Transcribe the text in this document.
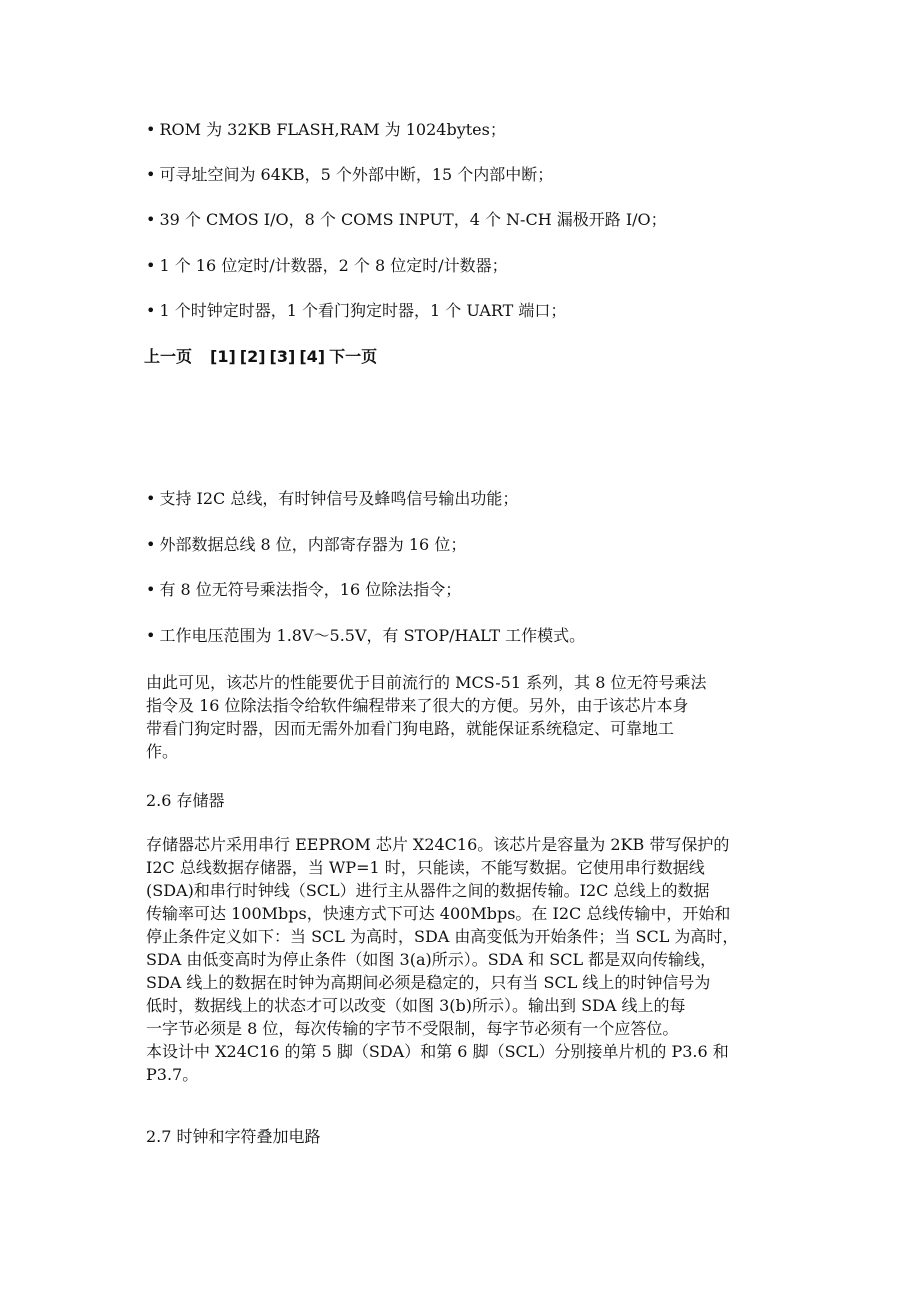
• ROM 为 32KB FLASH,RAM 为 1024bytes；

• 可寻址空间为 64KB，5 个外部中断，15 个内部中断；

• 39 个 CMOS I/O，8 个 COMS INPUT，4 个 N-CH 漏极开路 I/O；

• 1 个 16 位定时/计数器，2 个 8 位定时/计数器；

• 1 个时钟定时器，1 个看门狗定时器，1 个 UART 端口；

上一页 [1] [2] [3] [4] 下一页

• 支持 I2C 总线，有时钟信号及蜂鸣信号输出功能；

• 外部数据总线 8 位，内部寄存器为 16 位；

• 有 8 位无符号乘法指令，16 位除法指令；

• 工作电压范围为 1.8V～5.5V，有 STOP/HALT 工作模式。

由此可见，该芯片的性能要优于目前流行的 MCS-51 系列，其 8 位无符号乘法
指令及 16 位除法指令给软件编程带来了很大的方便。另外，由于该芯片本身
带看门狗定时器，因而无需外加看门狗电路，就能保证系统稳定、可靠地工
作。

2.6 存储器

存储器芯片采用串行 EEPROM 芯片 X24C16。该芯片是容量为 2KB 带写保护的
I2C 总线数据存储器，当 WP=1 时，只能读，不能写数据。它使用串行数据线
(SDA)和串行时钟线（SCL）进行主从器件之间的数据传输。I2C 总线上的数据
传输率可达 100Mbps，快速方式下可达 400Mbps。在 I2C 总线传输中，开始和
停止条件定义如下：当 SCL 为高时，SDA 由高变低为开始条件；当 SCL 为高时，
SDA 由低变高时为停止条件（如图 3(a)所示）。SDA 和 SCL 都是双向传输线，
SDA 线上的数据在时钟为高期间必须是稳定的，只有当 SCL 线上的时钟信号为
低时，数据线上的状态才可以改变（如图 3(b)所示）。输出到 SDA 线上的每
一字节必须是 8 位，每次传输的字节不受限制，每字节必须有一个应答位。
本设计中 X24C16 的第 5 脚（SDA）和第 6 脚（SCL）分别接单片机的 P3.6 和
P3.7。

2.7 时钟和字符叠加电路
